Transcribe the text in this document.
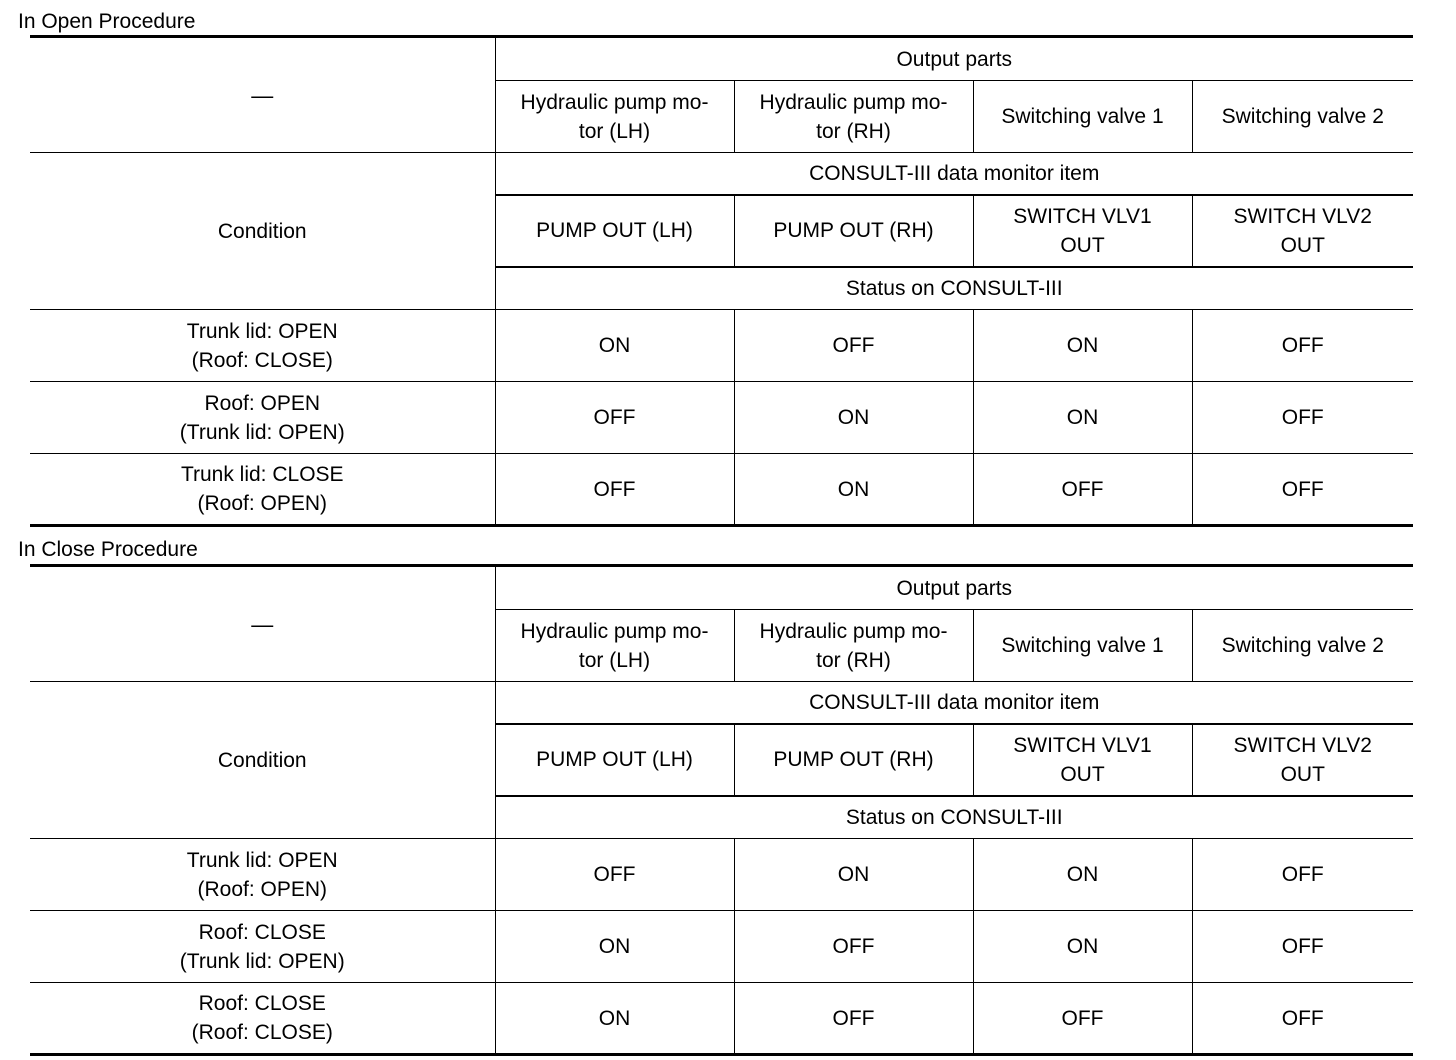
In Open Procedure
—	Output parts			
	Hydraulic pump mo-
tor (LH)	Hydraulic pump mo-
tor (RH)	Switching valve 1	Switching valve 2
Condition	CONSULT-III data monitor item			
	PUMP OUT (LH)	PUMP OUT (RH)	SWITCH VLV1
OUT	SWITCH VLV2
OUT
	Status on CONSULT-III			
Trunk lid: OPEN
(Roof: CLOSE)	ON	OFF	ON	OFF
Roof: OPEN
(Trunk lid: OPEN)	OFF	ON	ON	OFF
Trunk lid: CLOSE
(Roof: OPEN)	OFF	ON	OFF	OFF
In Close Procedure
—	Output parts			
	Hydraulic pump mo-
tor (LH)	Hydraulic pump mo-
tor (RH)	Switching valve 1	Switching valve 2
Condition	CONSULT-III data monitor item			
	PUMP OUT (LH)	PUMP OUT (RH)	SWITCH VLV1
OUT	SWITCH VLV2
OUT
	Status on CONSULT-III			
Trunk lid: OPEN
(Roof: OPEN)	OFF	ON	ON	OFF
Roof: CLOSE
(Trunk lid: OPEN)	ON	OFF	ON	OFF
Roof: CLOSE
(Roof: CLOSE)	ON	OFF	OFF	OFF
